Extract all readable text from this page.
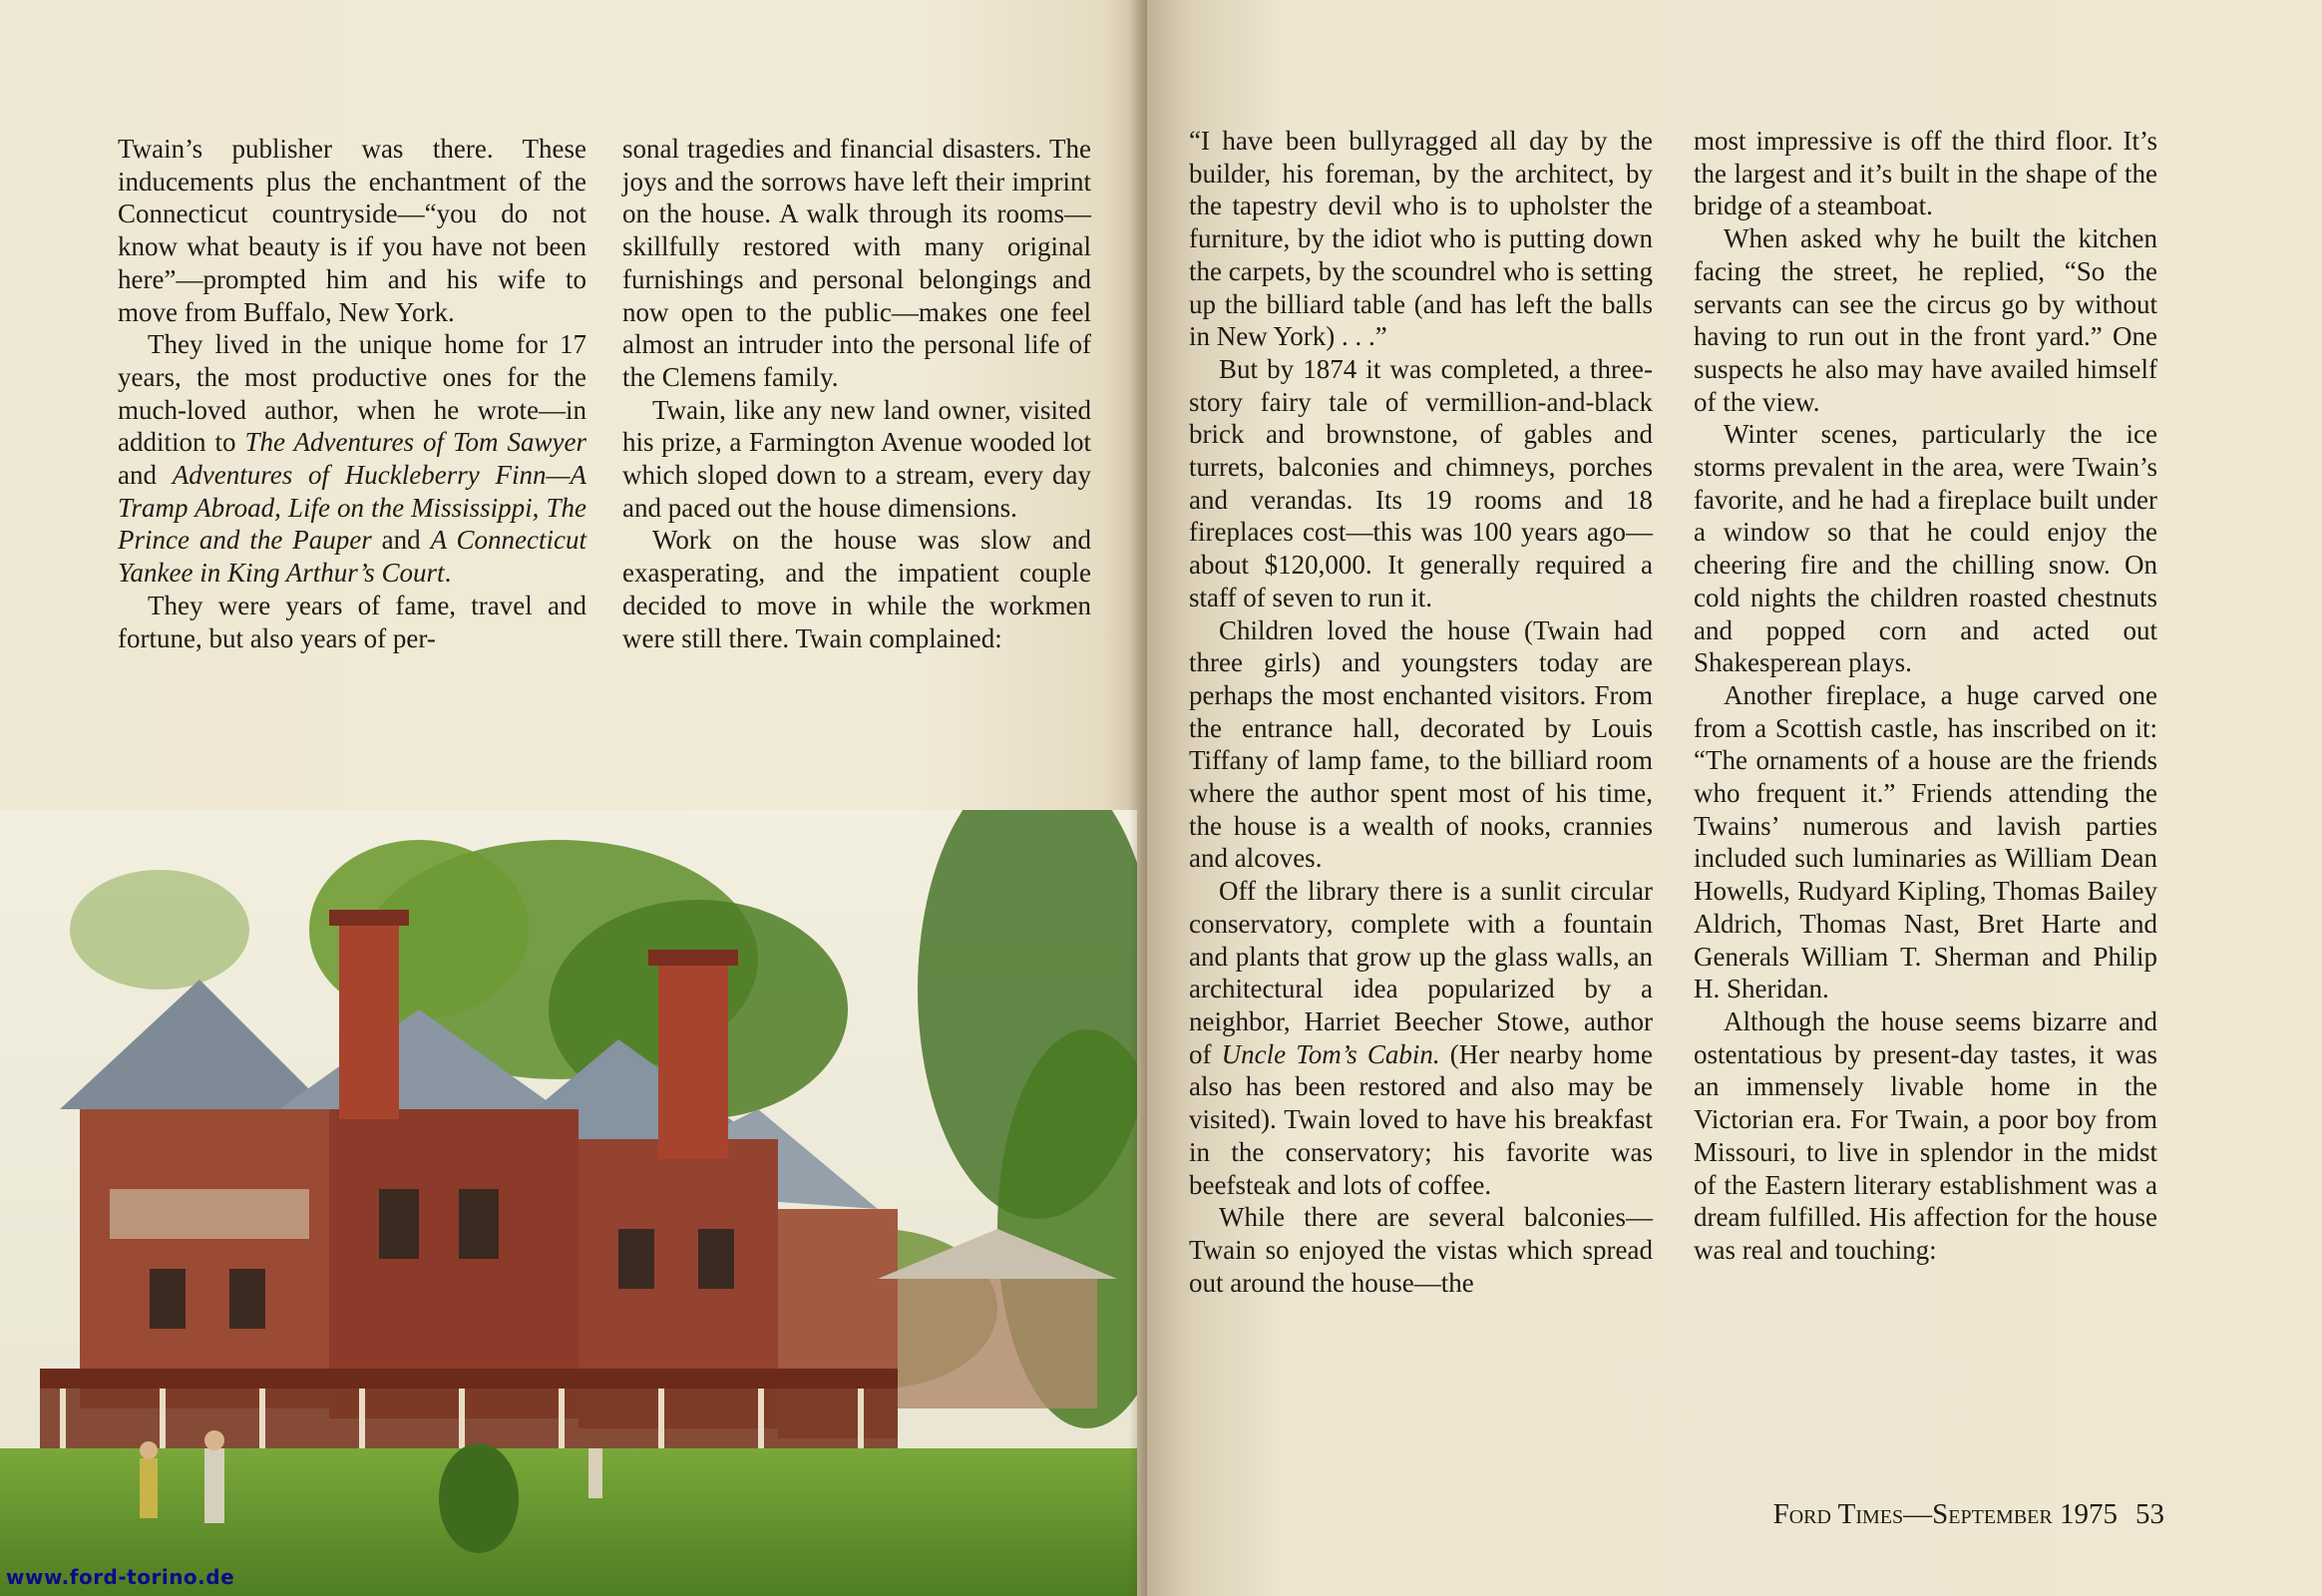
Twain’s publisher was there. These inducements plus the enchantment of the Connecticut countryside—“you do not know what beauty is if you have not been here”—prompted him and his wife to move from Buffalo, New York.

They lived in the unique home for 17 years, the most productive ones for the much-loved author, when he wrote—in addition to The Adventures of Tom Sawyer and Adventures of Huckleberry Finn—A Tramp Abroad, Life on the Mississippi, The Prince and the Pauper and A Connecticut Yankee in King Arthur’s Court.

They were years of fame, travel and fortune, but also years of per-

sonal tragedies and financial disasters. The joys and the sorrows have left their imprint on the house. A walk through its rooms—skillfully restored with many original furnishings and personal belongings and now open to the public—makes one feel almost an intruder into the personal life of the Clemens family.

Twain, like any new land owner, visited his prize, a Farmington Avenue wooded lot which sloped down to a stream, every day and paced out the house dimensions.

Work on the house was slow and exasperating, and the impatient couple decided to move in while the workmen were still there. Twain complained:

“I have been bullyragged all day by the builder, his foreman, by the architect, by the tapestry devil who is to upholster the furniture, by the idiot who is putting down the carpets, by the scoundrel who is setting up the billiard table (and has left the balls in New York) . . .”

But by 1874 it was completed, a three-story fairy tale of vermillion-and-black brick and brownstone, of gables and turrets, balconies and chimneys, porches and verandas. Its 19 rooms and 18 fireplaces cost—this was 100 years ago— about $120,000. It generally required a staff of seven to run it.

Children loved the house (Twain had three girls) and youngsters today are perhaps the most enchanted visitors. From the entrance hall, decorated by Louis Tiffany of lamp fame, to the billiard room where the author spent most of his time, the house is a wealth of nooks, crannies and alcoves.

Off the library there is a sunlit circular conservatory, complete with a fountain and plants that grow up the glass walls, an architectural idea popularized by a neighbor, Harriet Beecher Stowe, author of Uncle Tom’s Cabin. (Her nearby home also has been restored and also may be visited). Twain loved to have his breakfast in the conservatory; his favorite was beefsteak and lots of coffee.

While there are several balconies—Twain so enjoyed the vistas which spread out around the house—the

most impressive is off the third floor. It’s the largest and it’s built in the shape of the bridge of a steamboat.

When asked why he built the kitchen facing the street, he replied, “So the servants can see the circus go by without having to run out in the front yard.” One suspects he also may have availed himself of the view.

Winter scenes, particularly the ice storms prevalent in the area, were Twain’s favorite, and he had a fireplace built under a window so that he could enjoy the cheering fire and the chilling snow. On cold nights the children roasted chestnuts and popped corn and acted out Shakesperean plays.

Another fireplace, a huge carved one from a Scottish castle, has inscribed on it: “The ornaments of a house are the friends who frequent it.” Friends attending the Twains’ numerous and lavish parties included such luminaries as William Dean Howells, Rudyard Kipling, Thomas Bailey Aldrich, Thomas Nast, Bret Harte and Generals William T. Sherman and Philip H. Sheridan.

Although the house seems bizarre and ostentatious by present-day tastes, it was an immensely livable home in the Victorian era. For Twain, a poor boy from Missouri, to live in splendor in the midst of the Eastern literary establishment was a dream fulfilled. His affection for the house was real and touching:

Ford Times—September 1975 53
www.ford-torino.de
